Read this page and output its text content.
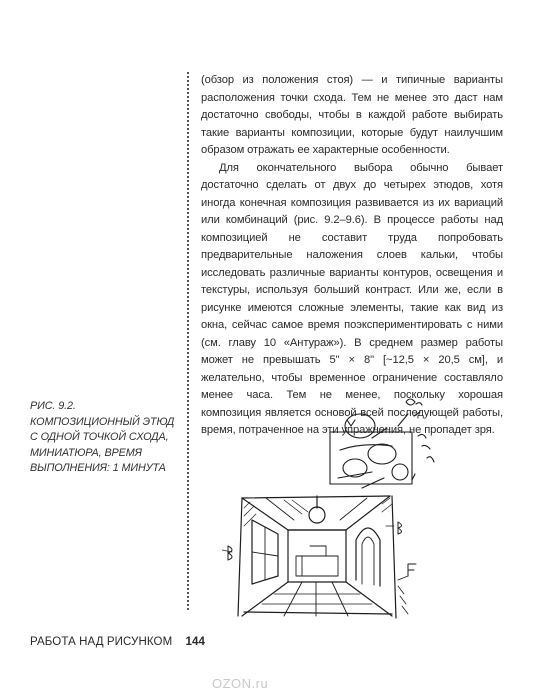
(обзор из положения стоя) — и типичные варианты расположения точки схода. Тем не менее это даст нам достаточно свободы, чтобы в каждой работе выбирать такие варианты композиции, которые будут наилучшим образом отражать ее характерные особенности.

Для окончательного выбора обычно бывает достаточно сделать от двух до четырех этюдов, хотя иногда конечная композиция развивается из их вариаций или комбинаций (рис. 9.2–9.6). В процессе работы над композицией не составит труда попробовать предварительные наложения слоев кальки, чтобы исследовать различные варианты контуров, освещения и текстуры, используя больший контраст. Или же, если в рисунке имеются сложные элементы, такие как вид из окна, сейчас самое время поэкспериментировать с ними (см. главу 10 «Антураж»). В среднем размер работы может не превышать 5" × 8" [~12,5 × 20,5 см], и желательно, чтобы временное ограничение составляло менее часа. Тем не менее, поскольку хорошая композиция является основой всей последующей работы, время, потраченное на эти упражнения, не пропадет зря.

РИС. 9.2.
КОМПОЗИЦИОННЫЙ ЭТЮД С ОДНОЙ ТОЧКОЙ СХОДА, МИНИАТЮРА, ВРЕМЯ ВЫПОЛНЕНИЯ: 1 МИНУТА
РАБОТА НАД РИСУНКОМ 144
OZON.ru
